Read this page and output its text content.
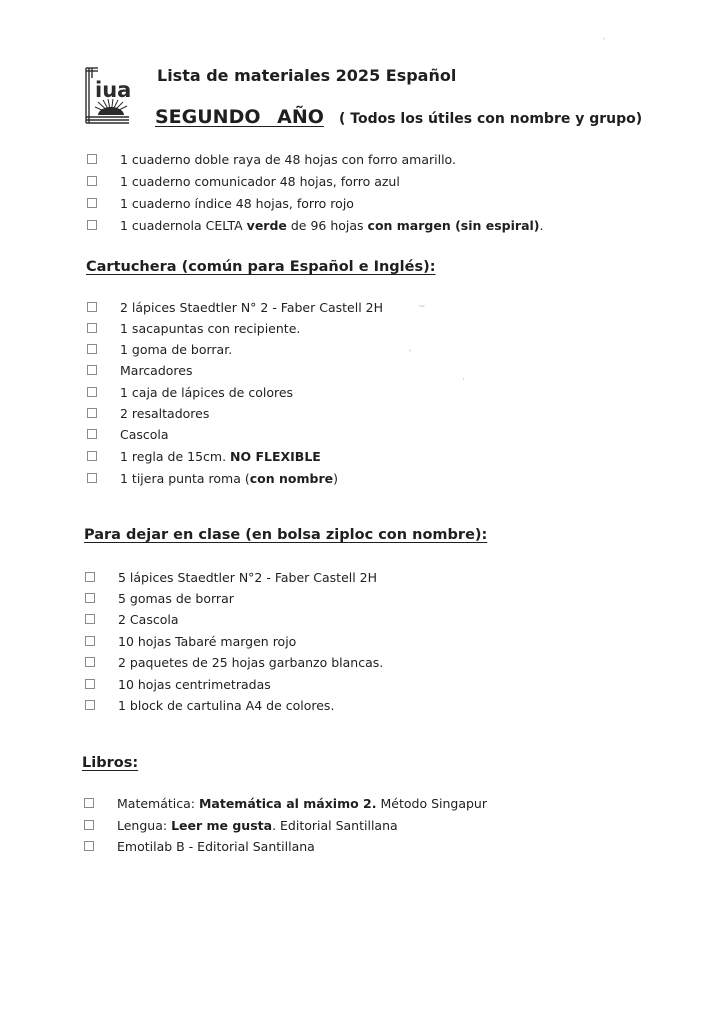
iua
Lista de materiales 2025 Español
SEGUNDO AÑO ( Todos los útiles con nombre y grupo)
1 cuaderno doble raya de 48 hojas con forro amarillo.
1 cuaderno comunicador 48 hojas, forro azul
1 cuaderno índice 48 hojas, forro rojo
1 cuadernola CELTA verde de 96 hojas con margen (sin espiral).
Cartuchera (común para Español e Inglés):
2 lápices Staedtler N° 2 - Faber Castell 2H
1 sacapuntas con recipiente.
1 goma de borrar.
Marcadores
1 caja de lápices de colores
2 resaltadores
Cascola
1 regla de 15cm. NO FLEXIBLE
1 tijera punta roma (con nombre)
Para dejar en clase (en bolsa ziploc con nombre):
5 lápices Staedtler N°2 - Faber Castell 2H
5 gomas de borrar
2 Cascola
10 hojas Tabaré margen rojo
2 paquetes de 25 hojas garbanzo blancas.
10 hojas centrimetradas
1 block de cartulina A4 de colores.
Libros:
Matemática: Matemática al máximo 2. Método Singapur
Lengua: Leer me gusta. Editorial Santillana
Emotilab B - Editorial Santillana
~
`
·
`
